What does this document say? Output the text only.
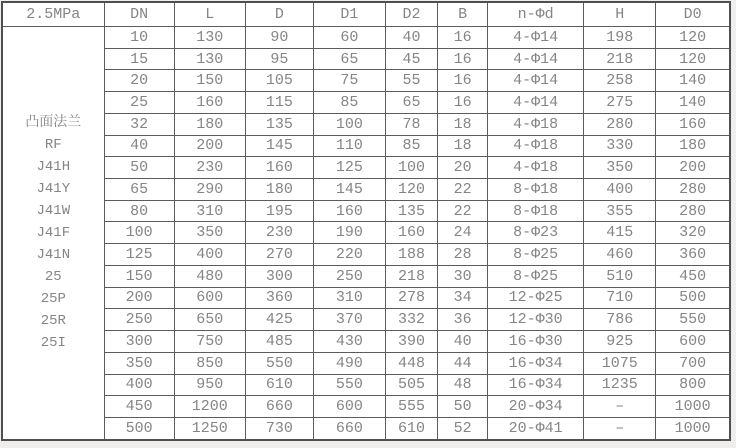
2.5MPa	DN	L	D	D1	D2	B	n-Φd	H	D0

凸面法兰
RF
J41H
J41Y
J41W
J41F
J41N
25
25P
25R
25I
	10	130	90	60	40	16	4-Φ14	198	120
	15	130	95	65	45	16	4-Φ14	218	120
	20	150	105	75	55	16	4-Φ14	258	140
	25	160	115	85	65	16	4-Φ14	275	140
	32	180	135	100	78	18	4-Φ18	280	160
	40	200	145	110	85	18	4-Φ18	330	180
	50	230	160	125	100	20	4-Φ18	350	200
	65	290	180	145	120	22	8-Φ18	400	280
	80	310	195	160	135	22	8-Φ18	355	280
	100	350	230	190	160	24	8-Φ23	415	320
	125	400	270	220	188	28	8-Φ25	460	360
	150	480	300	250	218	30	8-Φ25	510	450
	200	600	360	310	278	34	12-Φ25	710	500
	250	650	425	370	332	36	12-Φ30	786	550
	300	750	485	430	390	40	16-Φ30	925	600
	350	850	550	490	448	44	16-Φ34	1075	700
	400	950	610	550	505	48	16-Φ34	1235	800
	450	1200	660	600	555	50	20-Φ34	–	1000
	500	1250	730	660	610	52	20-Φ41	–	1000
